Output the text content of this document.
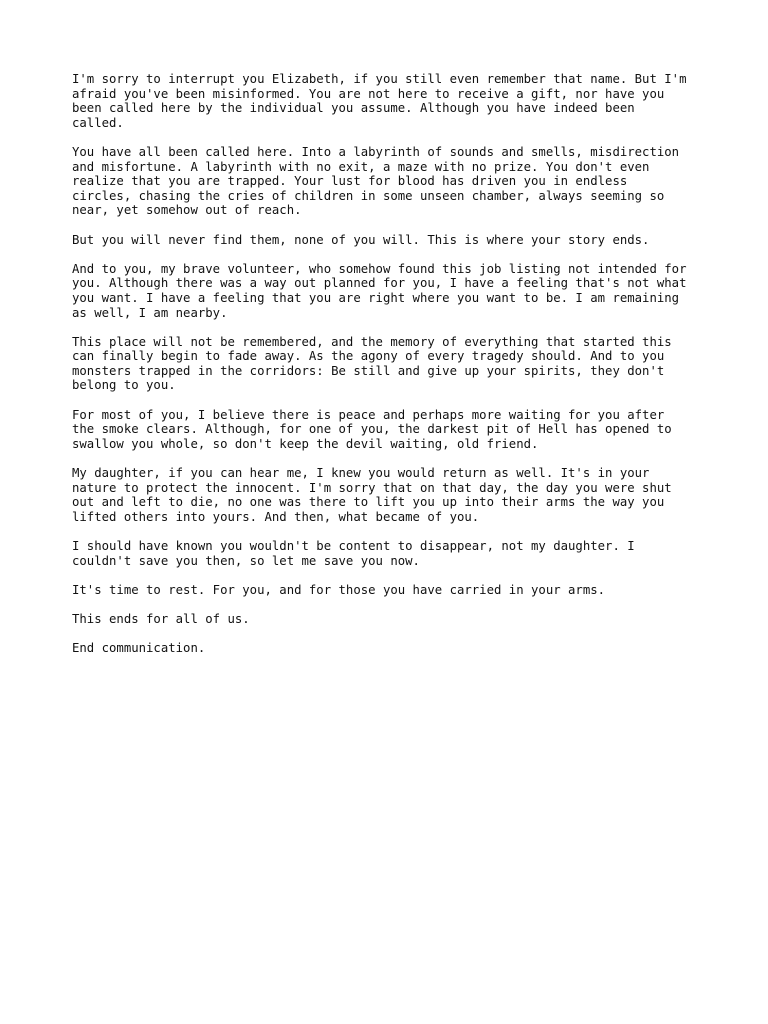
I'm sorry to interrupt you Elizabeth, if you still even remember that name. But I'm
afraid you've been misinformed. You are not here to receive a gift, nor have you
been called here by the individual you assume. Although you have indeed been
called.

You have all been called here. Into a labyrinth of sounds and smells, misdirection
and misfortune. A labyrinth with no exit, a maze with no prize. You don't even
realize that you are trapped. Your lust for blood has driven you in endless
circles, chasing the cries of children in some unseen chamber, always seeming so
near, yet somehow out of reach.

But you will never find them, none of you will. This is where your story ends.

And to you, my brave volunteer, who somehow found this job listing not intended for
you. Although there was a way out planned for you, I have a feeling that's not what
you want. I have a feeling that you are right where you want to be. I am remaining
as well, I am nearby.

This place will not be remembered, and the memory of everything that started this
can finally begin to fade away. As the agony of every tragedy should. And to you
monsters trapped in the corridors: Be still and give up your spirits, they don't
belong to you.

For most of you, I believe there is peace and perhaps more waiting for you after
the smoke clears. Although, for one of you, the darkest pit of Hell has opened to
swallow you whole, so don't keep the devil waiting, old friend.

My daughter, if you can hear me, I knew you would return as well. It's in your
nature to protect the innocent. I'm sorry that on that day, the day you were shut
out and left to die, no one was there to lift you up into their arms the way you
lifted others into yours. And then, what became of you.

I should have known you wouldn't be content to disappear, not my daughter. I
couldn't save you then, so let me save you now.

It's time to rest. For you, and for those you have carried in your arms.

This ends for all of us.

End communication.
